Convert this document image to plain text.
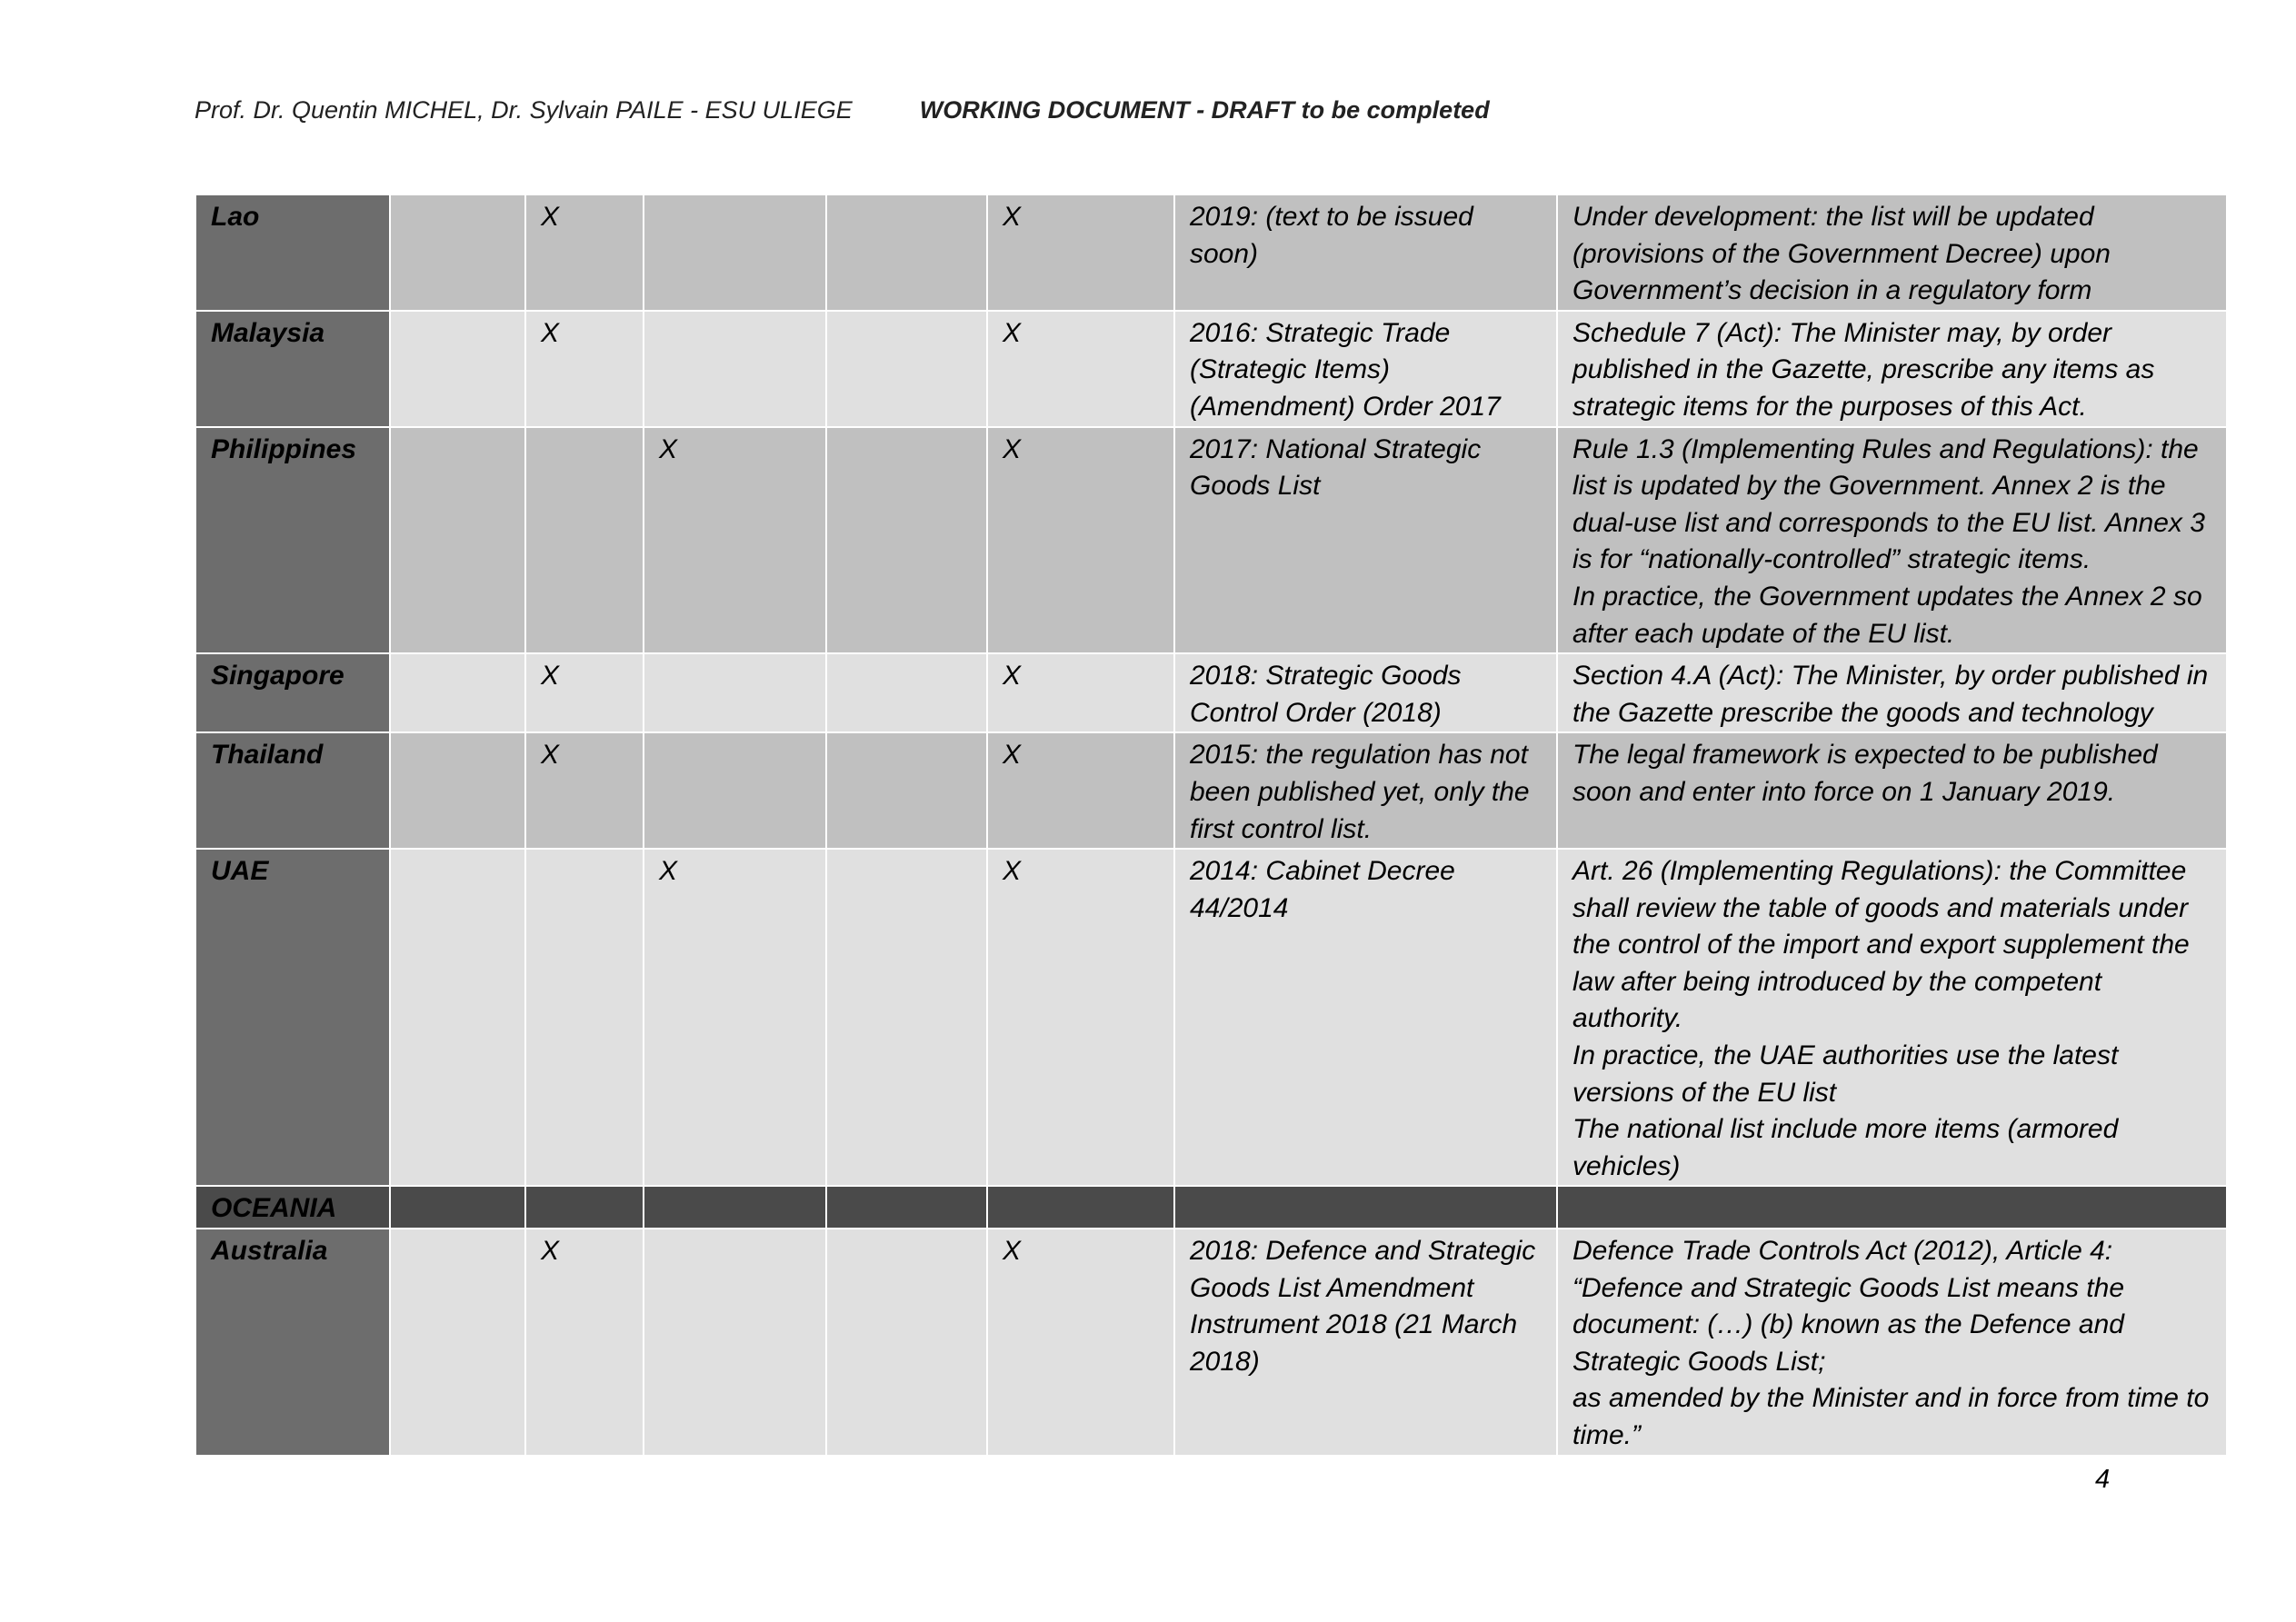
Prof. Dr. Quentin MICHEL, Dr. Sylvain PAILE - ESU ULIEGE	WORKING DOCUMENT - DRAFT to be completed
Lao		X			X	2019: (text to be issued soon)	Under development: the list will be updated (provisions of the Government Decree) upon Government’s decision in a regulatory form
Malaysia		X			X	2016: Strategic Trade (Strategic Items) (Amendment) Order 2017	Schedule 7 (Act): The Minister may, by order published in the Gazette, prescribe any items as strategic items for the purposes of this Act.
Philippines			X		X	2017: National Strategic Goods List	Rule 1.3 (Implementing Rules and Regulations): the list is updated by the Government. Annex 2 is the dual-use list and corresponds to the EU list. Annex 3 is for “nationally-controlled” strategic items.
In practice, the Government updates the Annex 2 so after each update of the EU list.
Singapore		X			X	2018: Strategic Goods Control Order (2018)	Section 4.A (Act): The Minister, by order published in the Gazette prescribe the goods and technology
Thailand		X			X	2015: the regulation has not been published yet, only the first control list.	The legal framework is expected to be published soon and enter into force on 1 January 2019.
UAE			X		X	2014: Cabinet Decree 44/2014	Art. 26 (Implementing Regulations): the Committee shall review the table of goods and materials under the control of the import and export supplement the law after being introduced by the competent authority.
In practice, the UAE authorities use the latest versions of the EU list
The national list include more items (armored vehicles)
OCEANIA							
Australia		X			X	2018: Defence and Strategic Goods List Amendment Instrument 2018 (21 March 2018)	Defence Trade Controls Act (2012), Article 4: “Defence and Strategic Goods List means the document: (…) (b) known as the Defence and Strategic Goods List;
as amended by the Minister and in force from time to time.”
4
